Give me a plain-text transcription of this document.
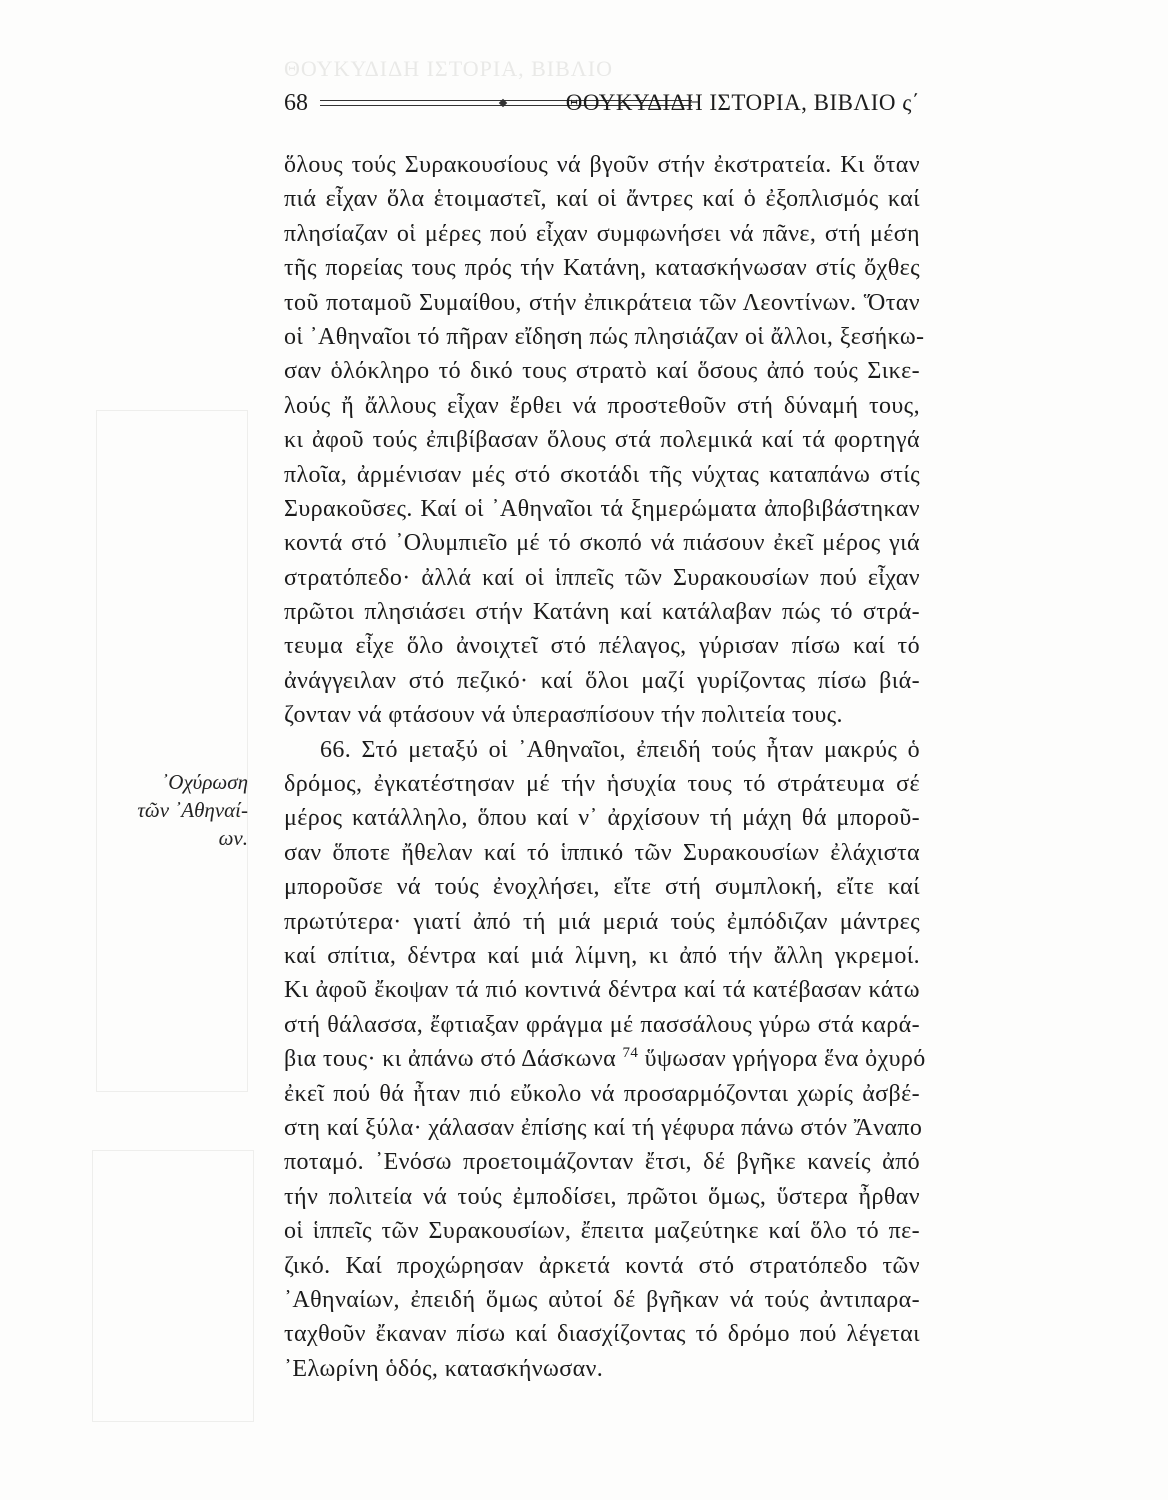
ΘΟΥΚΥΔΙΔΗ ΙΣΤΟΡΙΑ, ΒΙΒΛΙΟ
68	ΘΟΥΚΥΔΙΔΗ ΙΣΤΟΡΙΑ, ΒΙΒΛΙΟ ς΄
᾿Οχύρωση
τῶν ᾿Αθηναί-
ων.
ὅλους τούς Συρακουσίους νά βγοῦν στήν ἐκστρατεία. Κι ὅταν
πιά εἶχαν ὅλα ἑτοιμαστεῖ, καί οἱ ἄντρες καί ὁ ἐξοπλισμός καί
πλησίαζαν οἱ μέρες πού εἶχαν συμφωνήσει νά πᾶνε, στή μέση
τῆς πορείας τους πρός τήν Κατάνη, κατασκήνωσαν στίς ὄχθες
τοῦ ποταμοῦ Συμαίθου, στήν ἐπικράτεια τῶν Λεοντίνων. Ὅταν
οἱ ᾿Αθηναῖοι τό πῆραν εἴδηση πώς πλησιάζαν οἱ ἄλλοι, ξεσήκω-
σαν ὁλόκληρο τό δικό τους στρατὸ καί ὅσους ἀπό τούς Σικε-
λούς ἤ ἄλλους εἶχαν ἔρθει νά προστεθοῦν στή δύναμή τους,
κι ἀφοῦ τούς ἐπιβίβασαν ὅλους στά πολεμικά καί τά φορτηγά
πλοῖα, ἀρμένισαν μές στό σκοτάδι τῆς νύχτας καταπάνω στίς
Συρακοῦσες. Καί οἱ ᾿Αθηναῖοι τά ξημερώματα ἀποβιβάστηκαν
κοντά στό ᾿Ολυμπιεῖο μέ τό σκοπό νά πιάσουν ἐκεῖ μέρος γιά
στρατόπεδο· ἀλλά καί οἱ ἱππεῖς τῶν Συρακουσίων πού εἶχαν
πρῶτοι πλησιάσει στήν Κατάνη καί κατάλαβαν πώς τό στρά-
τευμα εἶχε ὅλο ἀνοιχτεῖ στό πέλαγος, γύρισαν πίσω καί τό
ἀνάγγειλαν στό πεζικό· καί ὅλοι μαζί γυρίζοντας πίσω βιά-
ζονταν νά φτάσουν νά ὑπερασπίσουν τήν πολιτεία τους.
66. Στό μεταξύ οἱ ᾿Αθηναῖοι, ἐπειδή τούς ἦταν μακρύς ὁ
δρόμος, ἐγκατέστησαν μέ τήν ἡσυχία τους τό στράτευμα σέ
μέρος κατάλληλο, ὅπου καί ν᾿ ἀρχίσουν τή μάχη θά μποροῦ-
σαν ὅποτε ἤθελαν καί τό ἱππικό τῶν Συρακουσίων ἐλάχιστα
μποροῦσε νά τούς ἐνοχλήσει, εἴτε στή συμπλοκή, εἴτε καί
πρωτύτερα· γιατί ἀπό τή μιά μεριά τούς ἐμπόδιζαν μάντρες
καί σπίτια, δέντρα καί μιά λίμνη, κι ἀπό τήν ἄλλη γκρεμοί.
Κι ἀφοῦ ἔκοψαν τά πιό κοντινά δέντρα καί τά κατέβασαν κάτω
στή θάλασσα, ἔφτιαξαν φράγμα μέ πασσάλους γύρω στά καρά-
βια τους· κι ἀπάνω στό Δάσκωνα $^{74}$ ὕψωσαν γρήγορα ἕνα ὀχυρό
ἐκεῖ πού θά ἦταν πιό εὔκολο νά προσαρμόζονται χωρίς ἀσβέ-
στη καί ξύλα· χάλασαν ἐπίσης καί τή γέφυρα πάνω στόν Ἄναπο
ποταμό. ᾿Ενόσω προετοιμάζονταν ἔτσι, δέ βγῆκε κανείς ἀπό
τήν πολιτεία νά τούς ἐμποδίσει, πρῶτοι ὅμως, ὕστερα ἦρθαν
οἱ ἱππεῖς τῶν Συρακουσίων, ἔπειτα μαζεύτηκε καί ὅλο τό πε-
ζικό. Καί προχώρησαν ἀρκετά κοντά στό στρατόπεδο τῶν
᾿Αθηναίων, ἐπειδή ὅμως αὐτοί δέ βγῆκαν νά τούς ἀντιπαρα-
ταχθοῦν ἔκαναν πίσω καί διασχίζοντας τό δρόμο πού λέγεται
᾿Ελωρίνη ὁδός, κατασκήνωσαν.
